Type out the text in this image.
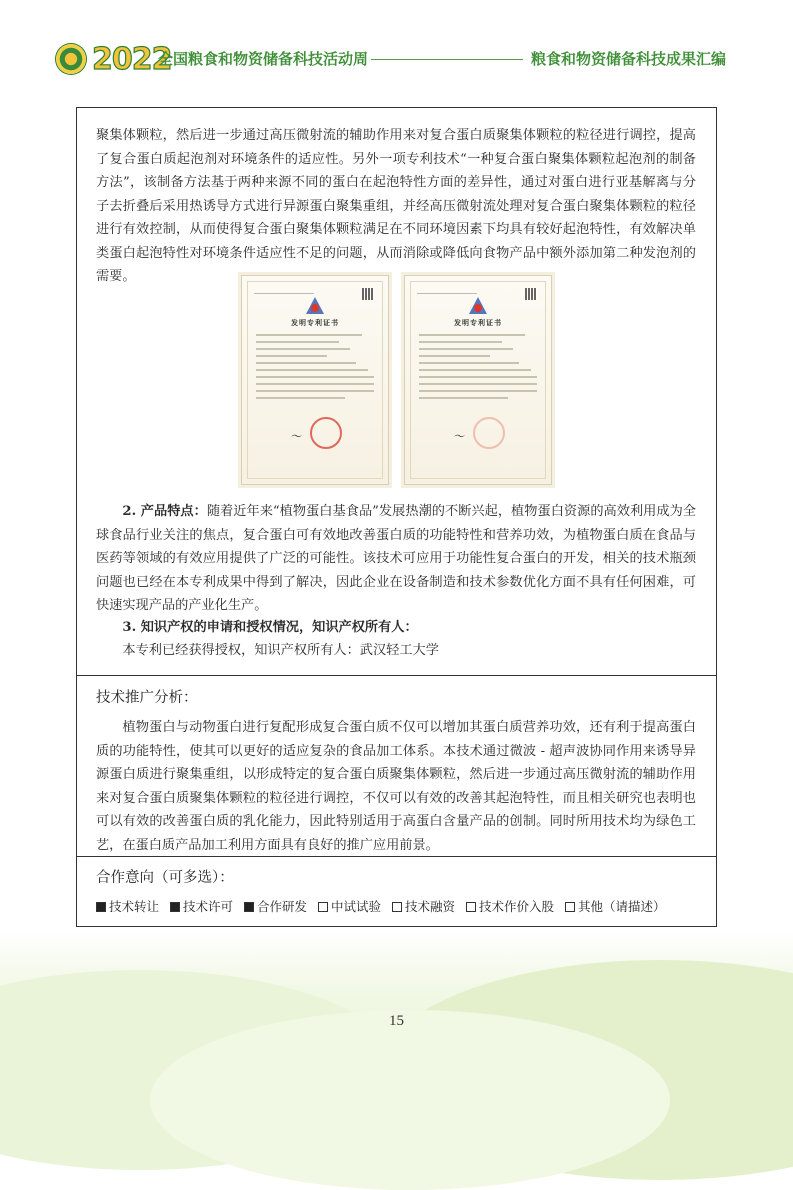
2022
全国粮食和物资储备科技活动周	粮食和物资储备科技成果汇编

聚集体颗粒，然后进一步通过高压微射流的辅助作用来对复合蛋白质聚集体颗粒的粒径进行调控，提高了复合蛋白质起泡剂对环境条件的适应性。另外一项专利技术“一种复合蛋白聚集体颗粒起泡剂的制备方法”，该制备方法基于两种来源不同的蛋白在起泡特性方面的差异性，通过对蛋白进行亚基解离与分子去折叠后采用热诱导方式进行异源蛋白聚集重组，并经高压微射流处理对复合蛋白聚集体颗粒的粒径进行有效控制，从而使得复合蛋白聚集体颗粒满足在不同环境因素下均具有较好起泡特性，有效解决单类蛋白起泡特性对环境条件适应性不足的问题，从而消除或降低向食物产品中额外添加第二种发泡剂的需要。

发明专利证书
〜
发明专利证书
〜

2. 产品特点：随着近年来“植物蛋白基食品”发展热潮的不断兴起，植物蛋白资源的高效利用成为全球食品行业关注的焦点，复合蛋白可有效地改善蛋白质的功能特性和营养功效，为植物蛋白质在食品与医药等领域的有效应用提供了广泛的可能性。该技术可应用于功能性复合蛋白的开发，相关的技术瓶颈问题也已经在本专利成果中得到了解决，因此企业在设备制造和技术参数优化方面不具有任何困难，可快速实现产品的产业化生产。

3. 知识产权的申请和授权情况，知识产权所有人：

本专利已经获得授权，知识产权所有人：武汉轻工大学

技术推广分析：

植物蛋白与动物蛋白进行复配形成复合蛋白质不仅可以增加其蛋白质营养功效，还有利于提高蛋白质的功能特性，使其可以更好的适应复杂的食品加工体系。本技术通过微波 - 超声波协同作用来诱导异源蛋白质进行聚集重组，以形成特定的复合蛋白质聚集体颗粒，然后进一步通过高压微射流的辅助作用来对复合蛋白质聚集体颗粒的粒径进行调控，不仅可以有效的改善其起泡特性，而且相关研究也表明也可以有效的改善蛋白质的乳化能力，因此特别适用于高蛋白含量产品的创制。同时所用技术均为绿色工艺，在蛋白质产品加工利用方面具有良好的推广应用前景。

合作意向（可多选）：
技术转让 技术许可 合作研发 中试试验 技术融资 技术作价入股 其他（请描述）
15
